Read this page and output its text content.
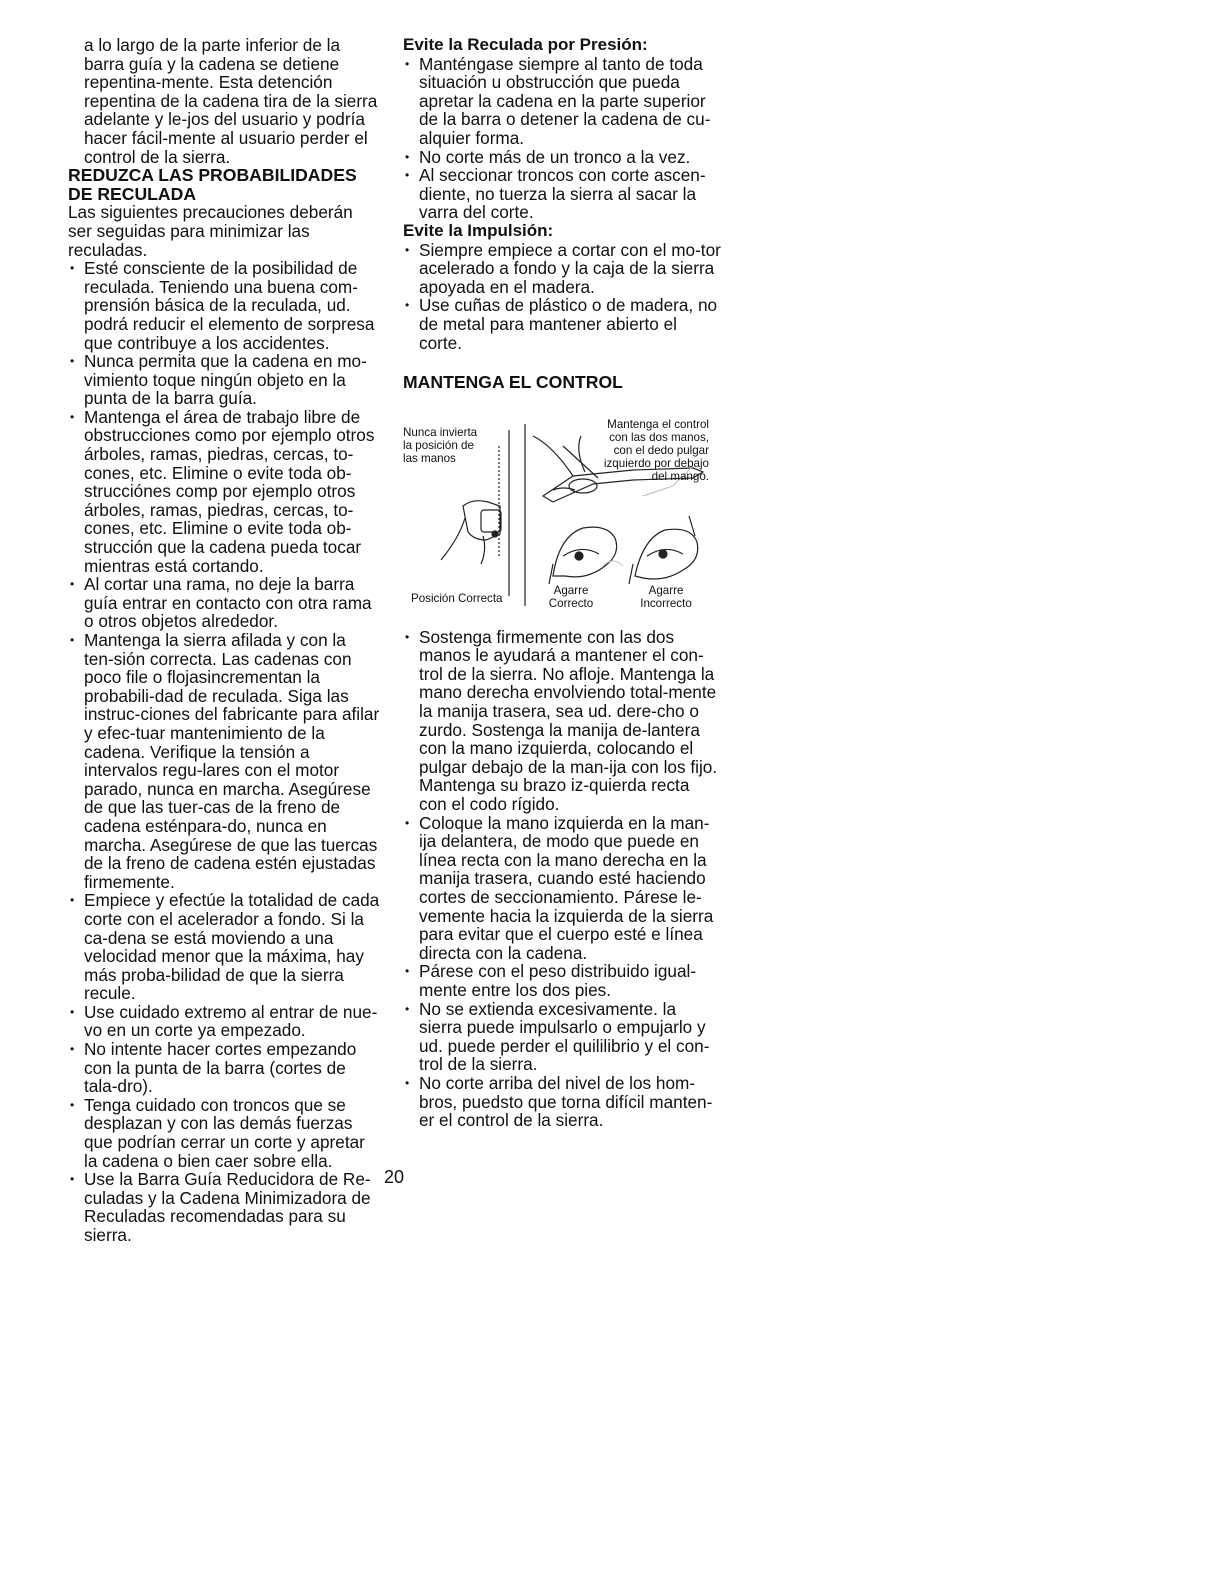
a lo largo de la parte inferior de la barra guía y la cadena se detiene repentina-mente. Esta detención repentina de la cadena tira de la sierra adelante y le-jos del usuario y podría hacer fácil-mente al usuario perder el control de la sierra.

REDUZCA LAS PROBABILIDADES DE RECULADA

Las siguientes precauciones deberán ser seguidas para minimizar las reculadas.

• Esté consciente de la posibilidad de reculada. Teniendo una buena com-prensión básica de la reculada, ud. podrá reducir el elemento de sorpresa que contribuye a los accidentes.
• Nunca permita que la cadena en mo-vimiento toque ningún objeto en la punta de la barra guía.
• Mantenga el área de trabajo libre de obstrucciones como por ejemplo otros árboles, ramas, piedras, cercas, to-cones, etc. Elimine o evite toda ob-strucciónes comp por ejemplo otros árboles, ramas, piedras, cercas, to-cones, etc. Elimine o evite toda ob-strucción que la cadena pueda tocar mientras está cortando.
• Al cortar una rama, no deje la barra guía entrar en contacto con otra rama o otros objetos alrededor.
• Mantenga la sierra afilada y con la ten-sión correcta. Las cadenas con poco file o flojasincrementan la probabili-dad de reculada. Siga las instruc-ciones del fabricante para afilar y efec-tuar mantenimiento de la cadena. Verifique la tensión a intervalos regu-lares con el motor parado, nunca en marcha. Asegúrese de que las tuer-cas de la freno de cadena esténpara-do, nunca en marcha. Asegúrese de que las tuercas de la freno de cadena estén ejustadas firmemente.
• Empiece y efectúe la totalidad de cada corte con el acelerador a fondo. Si la ca-dena se está moviendo a una velocidad menor que la máxima, hay más proba-bilidad de que la sierra recule.
• Use cuidado extremo al entrar de nue-vo en un corte ya empezado.
• No intente hacer cortes empezando con la punta de la barra (cortes de tala-dro).
• Tenga cuidado con troncos que se desplazan y con las demás fuerzas que podrían cerrar un corte y apretar la cadena o bien caer sobre ella.
• Use la Barra Guía Reducidora de Re-culadas y la Cadena Minimizadora de Reculadas recomendadas para su sierra.
Evite la Reculada por Presión:
• Manténgase siempre al tanto de toda situación u obstrucción que pueda apretar la cadena en la parte superior de la barra o detener la cadena de cu-alquier forma.
• No corte más de un tronco a la vez.
• Al seccionar troncos con corte ascen-diente, no tuerza la sierra al sacar la varra del corte.
Evite la Impulsión:
• Siempre empiece a cortar con el mo-tor acelerado a fondo y la caja de la sierra apoyada en el madera.
• Use cuñas de plástico o de madera, no de metal para mantener abierto el corte.
MANTENGA EL CONTROL
Nunca invierta
la posición de
las manos
Mantenga el control
con las dos manos,
con el dedo pulgar
izquierdo por debajo
del mango.
Posición Correcta
Agarre
Correcto
Agarre
Incorrecto
• Sostenga firmemente con las dos manos le ayudará a mantener el con-trol de la sierra. No afloje. Mantenga la mano derecha envolviendo total-mente la manija trasera, sea ud. dere-cho o zurdo. Sostenga la manija de-lantera con la mano izquierda, colocando el pulgar debajo de la man-ija con los fijo. Mantenga su brazo iz-quierda recta con el codo rígido.
• Coloque la mano izquierda en la man-ija delantera, de modo que puede en línea recta con la mano derecha en la manija trasera, cuando esté haciendo cortes de seccionamiento. Párese le-vemente hacia la izquierda de la sierra para evitar que el cuerpo esté e línea directa con la cadena.
• Párese con el peso distribuido igual-mente entre los dos pies.
• No se extienda excesivamente. la sierra puede impulsarlo o empujarlo y ud. puede perder el quililibrio y el con-trol de la sierra.
• No corte arriba del nivel de los hom-bros, puedsto que torna difícil manten-er el control de la sierra.
20
